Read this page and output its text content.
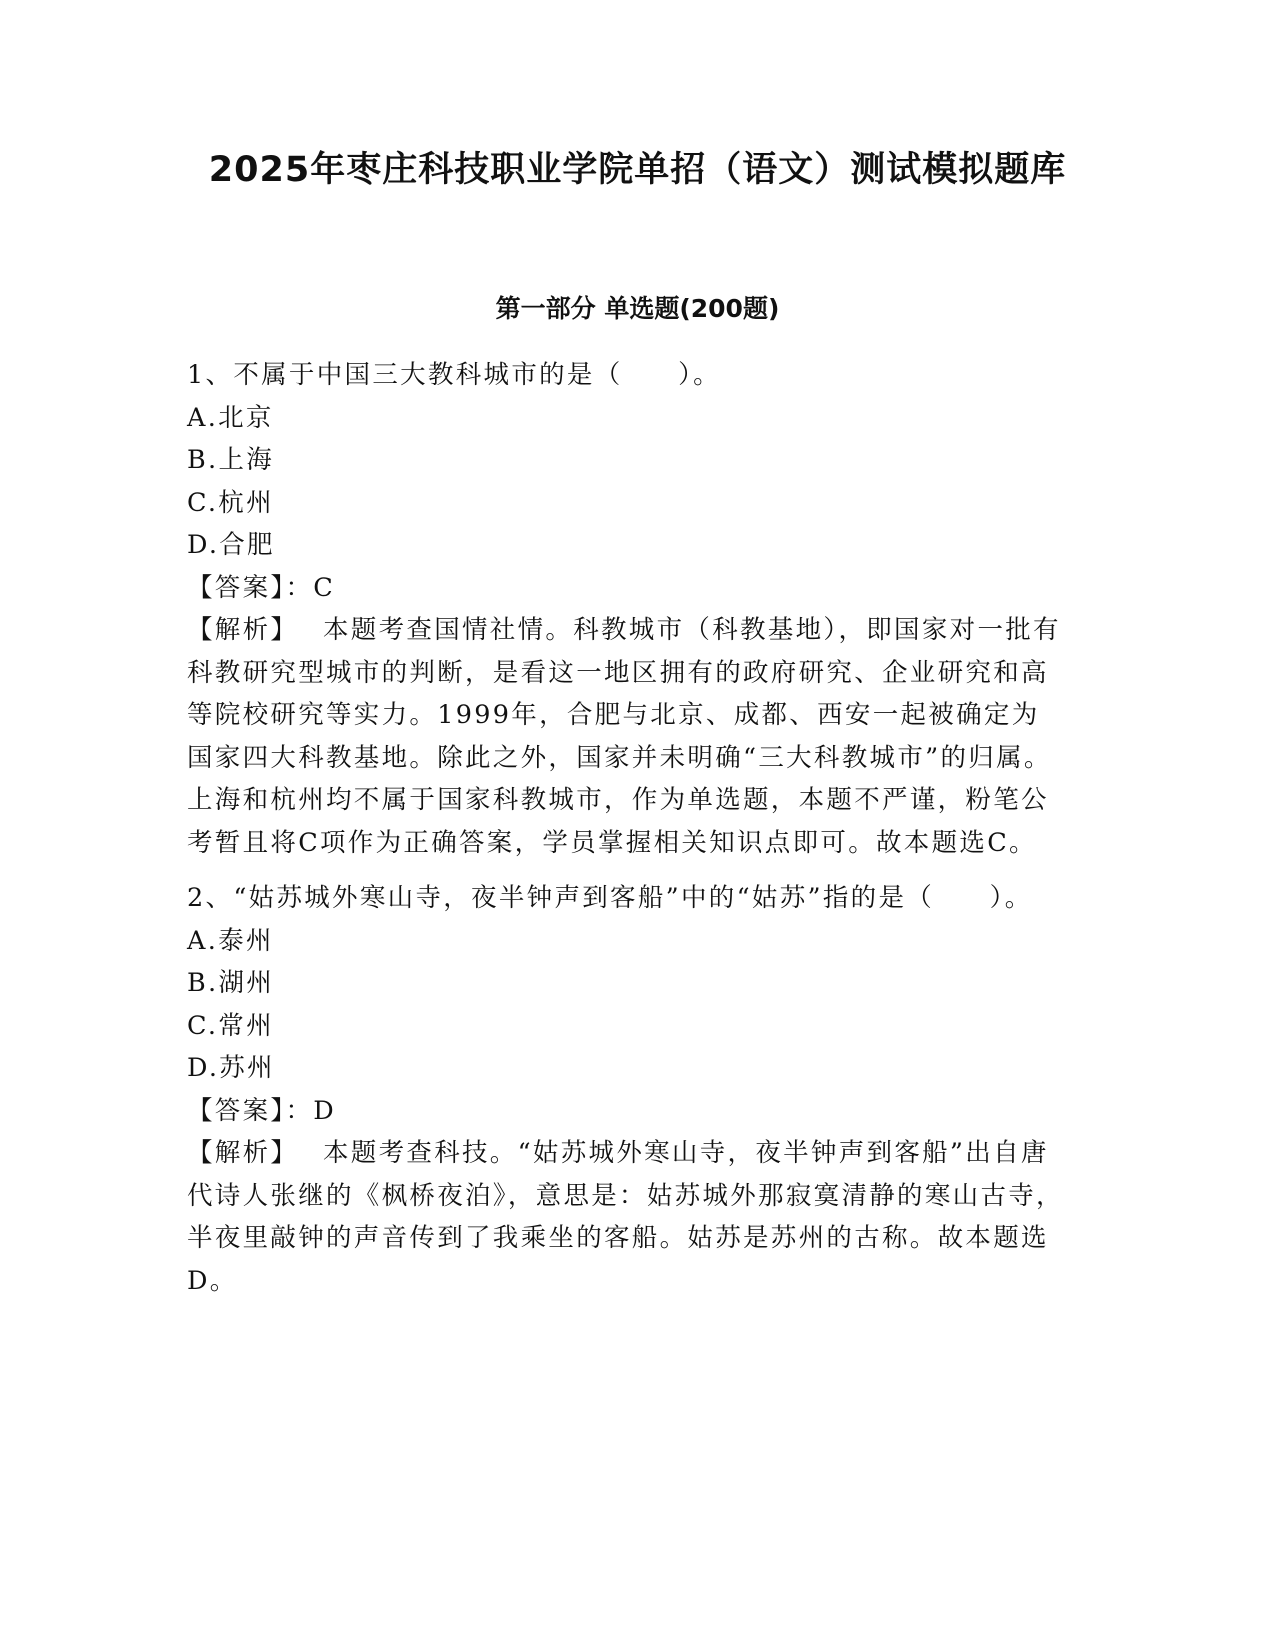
2025年枣庄科技职业学院单招（语文）测试模拟题库
第一部分 单选题(200题)
1、不属于中国三大教科城市的是（　　）。
A.北京
B.上海
C.杭州
D.合肥
【答案】：C
【解析】 本题考查国情社情。科教城市（科教基地），即国家对一批有科教研究型城市的判断，是看这一地区拥有的政府研究、企业研究和高等院校研究等实力。1999年，合肥与北京、成都、西安一起被确定为国家四大科教基地。除此之外，国家并未明确“三大科教城市”的归属。上海和杭州均不属于国家科教城市，作为单选题，本题不严谨，粉笔公考暂且将C项作为正确答案，学员掌握相关知识点即可。故本题选C。
2、“姑苏城外寒山寺，夜半钟声到客船”中的“姑苏”指的是（　　）。
A.泰州
B.湖州
C.常州
D.苏州
【答案】：D
【解析】 本题考查科技。“姑苏城外寒山寺，夜半钟声到客船”出自唐代诗人张继的《枫桥夜泊》，意思是：姑苏城外那寂寞清静的寒山古寺，半夜里敲钟的声音传到了我乘坐的客船。姑苏是苏州的古称。故本题选D。
